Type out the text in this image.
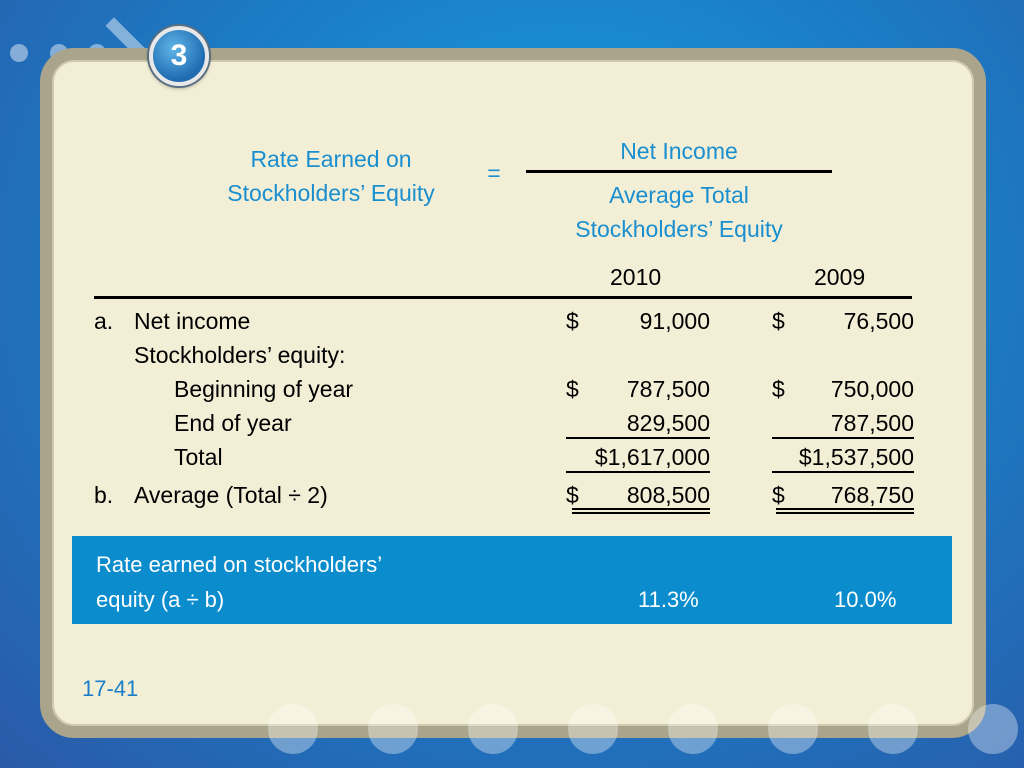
3
Rate Earned on
Stockholders’ Equity
=
Net Income
Average Total
Stockholders’ Equity
2010	2009
a. Net income	$	91,000	$	76,500
Stockholders’ equity:
Beginning of year	$	787,500	$	750,000
End of year	829,500	787,500
Total	$1,617,000	$1,537,500
b. Average (Total ÷ 2)	$	808,500	$	768,750
Rate earned on stockholders’
equity (a ÷ b)	11.3%	10.0%
17-41
